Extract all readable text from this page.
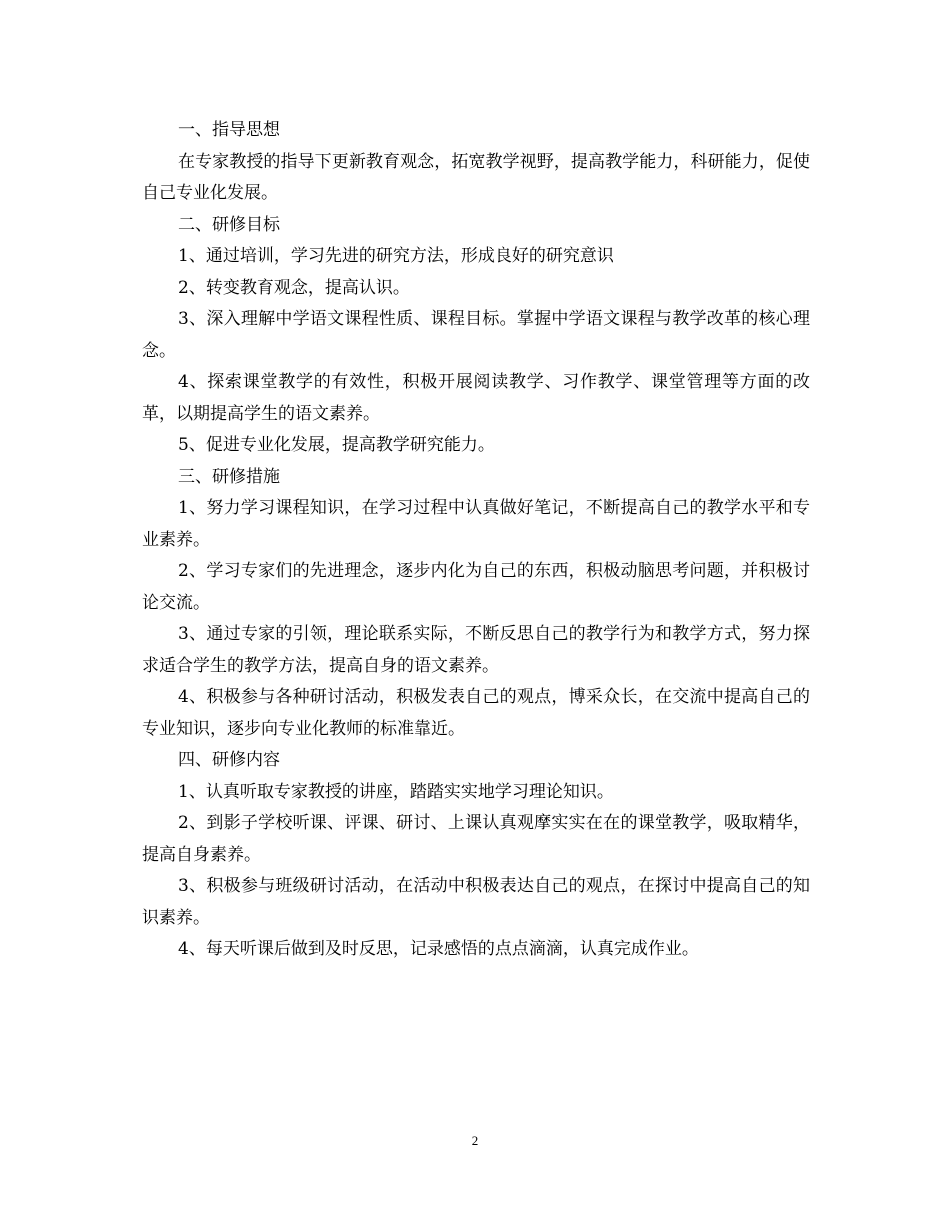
一、指导思想

在专家教授的指导下更新教育观念，拓宽教学视野，提高教学能力，科研能力，促使自己专业化发展。

二、研修目标

1、通过培训，学习先进的研究方法，形成良好的研究意识

2、转变教育观念，提高认识。

3、深入理解中学语文课程性质、课程目标。掌握中学语文课程与教学改革的核心理念。

4、探索课堂教学的有效性，积极开展阅读教学、习作教学、课堂管理等方面的改革，以期提高学生的语文素养。

5、促进专业化发展，提高教学研究能力。

三、研修措施

1、努力学习课程知识，在学习过程中认真做好笔记，不断提高自己的教学水平和专业素养。

2、学习专家们的先进理念，逐步内化为自己的东西，积极动脑思考问题，并积极讨论交流。

3、通过专家的引领，理论联系实际，不断反思自己的教学行为和教学方式，努力探求适合学生的教学方法，提高自身的语文素养。

4、积极参与各种研讨活动，积极发表自己的观点，博采众长，在交流中提高自己的专业知识，逐步向专业化教师的标准靠近。

四、研修内容

1、认真听取专家教授的讲座，踏踏实实地学习理论知识。

2、到影子学校听课、评课、研讨、上课认真观摩实实在在的课堂教学，吸取精华，提高自身素养。

3、积极参与班级研讨活动，在活动中积极表达自己的观点，在探讨中提高自己的知识素养。

4、每天听课后做到及时反思，记录感悟的点点滴滴，认真完成作业。

2
